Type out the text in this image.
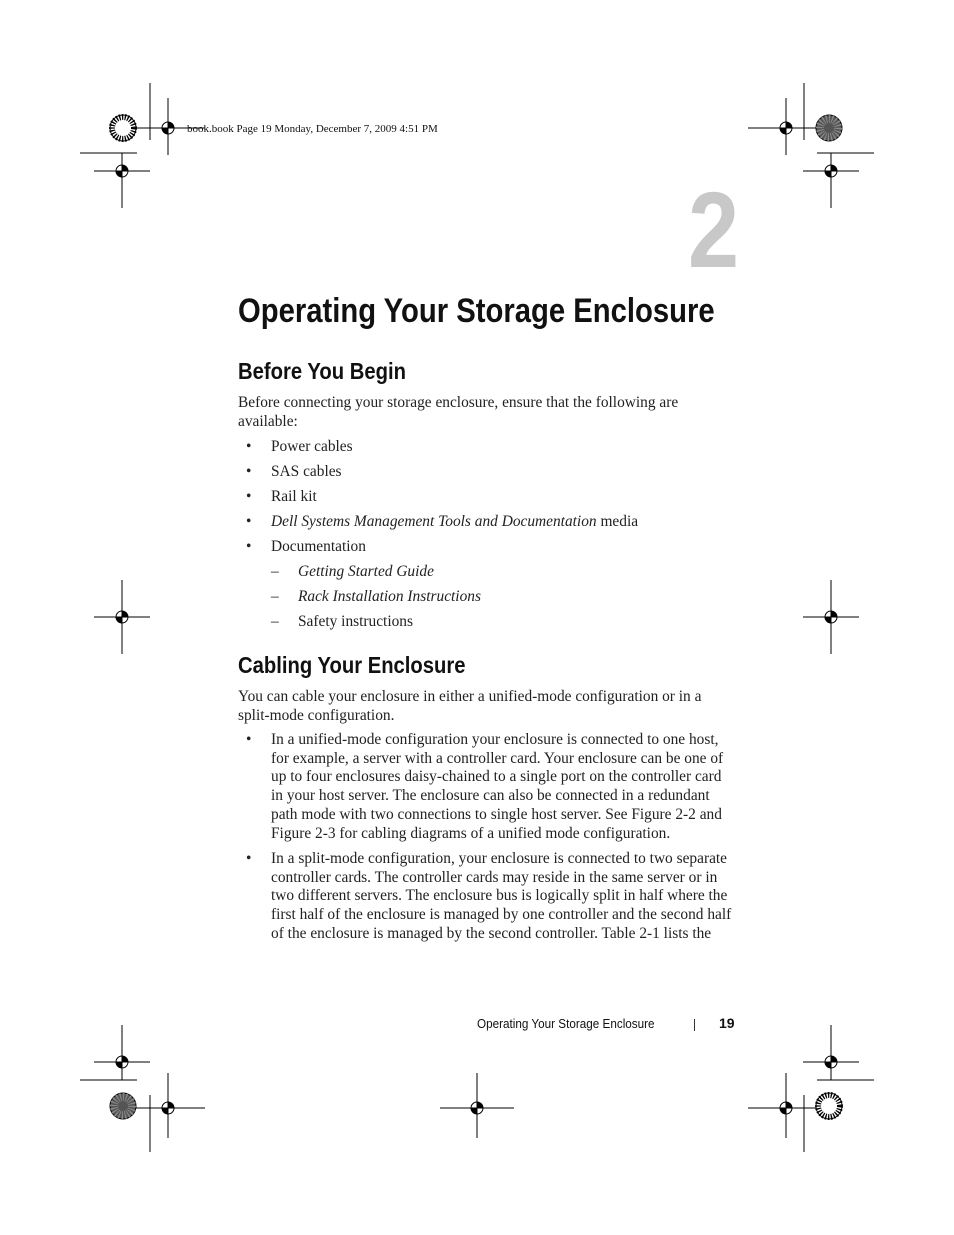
book.book Page 19 Monday, December 7, 2009 4:51 PM
2
Operating Your Storage Enclosure
Before You Begin
Before connecting your storage enclosure, ensure that the following are
available:
• Power cables
• SAS cables
• Rail kit
• Dell Systems Management Tools and Documentation media
• Documentation
– Getting Started Guide
– Rack Installation Instructions
– Safety instructions
Cabling Your Enclosure
You can cable your enclosure in either a unified-mode configuration or in a
split-mode configuration.
• In a unified-mode configuration your enclosure is connected to one host,
for example, a server with a controller card. Your enclosure can be one of
up to four enclosures daisy-chained to a single port on the controller card
in your host server. The enclosure can also be connected in a redundant
path mode with two connections to single host server. See Figure 2-2 and
Figure 2-3 for cabling diagrams of a unified mode configuration.
• In a split-mode configuration, your enclosure is connected to two separate
controller cards. The controller cards may reside in the same server or in
two different servers. The enclosure bus is logically split in half where the
first half of the enclosure is managed by one controller and the second half
of the enclosure is managed by the second controller. Table 2-1 lists the
Operating Your Storage Enclosure	19
